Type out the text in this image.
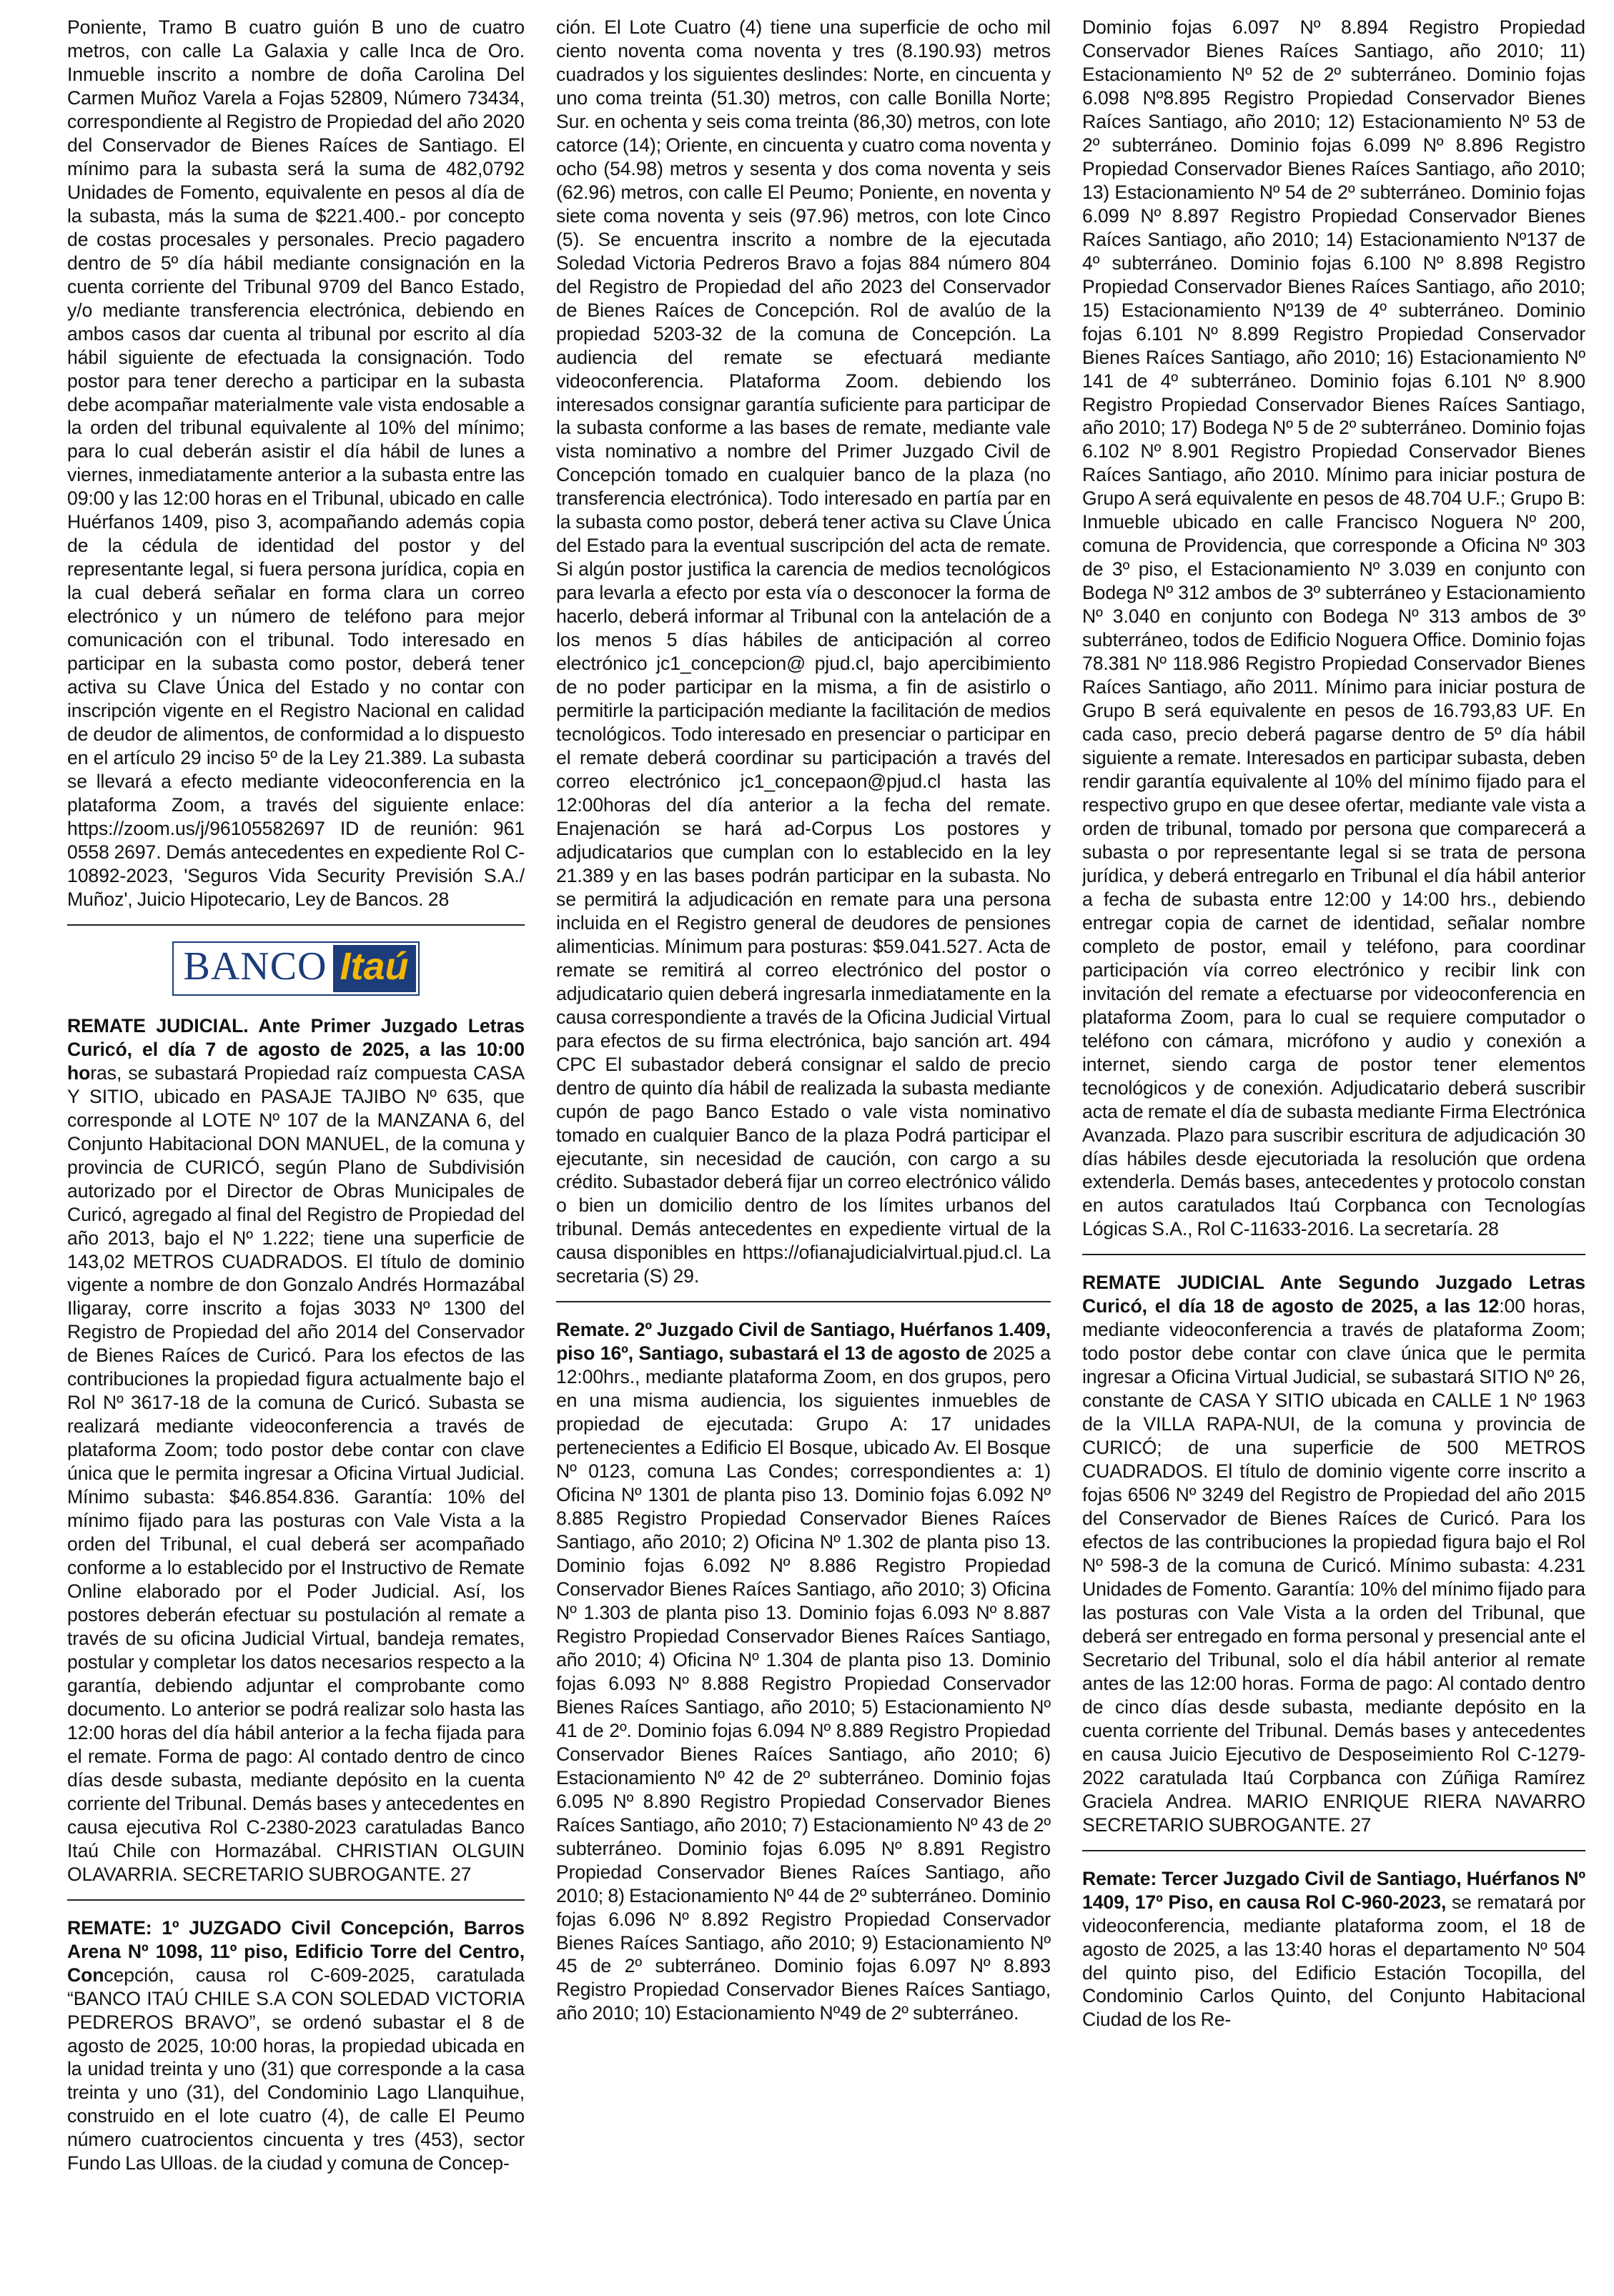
Poniente, Tramo B cuatro guión B uno de cuatro metros, con calle La Galaxia y calle Inca de Oro. Inmueble inscrito a nombre de doña Carolina Del Carmen Muñoz Varela a Fojas 52809, Número 73434, correspondiente al Registro de Propiedad del año 2020 del Conservador de Bienes Raíces de Santiago. El mínimo para la subasta será la suma de 482,0792 Unidades de Fomento, equivalente en pesos al día de la subasta, más la suma de $221.400.- por concepto de costas procesales y personales. Precio pagadero dentro de 5º día hábil mediante consignación en la cuenta corriente del Tribunal 9709 del Banco Estado, y/o mediante transferencia electrónica, debiendo en ambos casos dar cuenta al tribunal por escrito al día hábil siguiente de efectuada la consignación. Todo postor para tener derecho a participar en la subasta debe acompañar materialmente vale vista endosable a la orden del tribunal equivalente al 10% del mínimo; para lo cual deberán asistir el día hábil de lunes a viernes, inmediatamente anterior a la subasta entre las 09:00 y las 12:00 horas en el Tribunal, ubicado en calle Huérfanos 1409, piso 3, acompañando además copia de la cédula de identidad del postor y del representante legal, si fuera persona jurídica, copia en la cual deberá señalar en forma clara un correo electrónico y un número de teléfono para mejor comunicación con el tribunal. Todo interesado en participar en la subasta como postor, deberá tener activa su Clave Única del Estado y no contar con inscripción vigente en el Registro Nacional en calidad de deudor de alimentos, de conformidad a lo dispuesto en el artículo 29 inciso 5º de la Ley 21.389. La subasta se llevará a efecto mediante videoconferencia en la plataforma Zoom, a través del siguiente enlace: https://zoom.us/j/96105582697 ID de reunión: 961 0558 2697. Demás antecedentes en expediente Rol C-10892-2023, 'Seguros Vida Security Previsión S.A./ Muñoz', Juicio Hipotecario, Ley de Bancos. 28

BANCO Itaú

REMATE JUDICIAL. Ante Primer Juzgado Letras Curicó, el día 7 de agosto de 2025, a las 10:00 horas, se subastará Propiedad raíz compuesta CASA Y SITIO, ubicado en PASAJE TAJIBO Nº 635, que corresponde al LOTE Nº 107 de la MANZANA 6, del Conjunto Habitacional DON MANUEL, de la comuna y provincia de CURICÓ, según Plano de Subdivisión autorizado por el Director de Obras Municipales de Curicó, agregado al final del Registro de Propiedad del año 2013, bajo el Nº 1.222; tiene una superficie de 143,02 METROS CUADRADOS. El título de dominio vigente a nombre de don Gonzalo Andrés Hormazábal Iligaray, corre inscrito a fojas 3033 Nº 1300 del Registro de Propiedad del año 2014 del Conservador de Bienes Raíces de Curicó. Para los efectos de las contribuciones la propiedad figura actualmente bajo el Rol Nº 3617-18 de la comuna de Curicó. Subasta se realizará mediante videoconferencia a través de plataforma Zoom; todo postor debe contar con clave única que le permita ingresar a Oficina Virtual Judicial. Mínimo subasta: $46.854.836. Garantía: 10% del mínimo fijado para las posturas con Vale Vista a la orden del Tribunal, el cual deberá ser acompañado conforme a lo establecido por el Instructivo de Remate Online elaborado por el Poder Judicial. Así, los postores deberán efectuar su postulación al remate a través de su oficina Judicial Virtual, bandeja remates, postular y completar los datos necesarios respecto a la garantía, debiendo adjuntar el comprobante como documento. Lo anterior se podrá realizar solo hasta las 12:00 horas del día hábil anterior a la fecha fijada para el remate. Forma de pago: Al contado dentro de cinco días desde subasta, mediante depósito en la cuenta corriente del Tribunal. Demás bases y antecedentes en causa ejecutiva Rol C-2380-2023 caratuladas Banco Itaú Chile con Hormazábal. CHRISTIAN OLGUIN OLAVARRIA. SECRETARIO SUBROGANTE. 27

REMATE: 1º JUZGADO Civil Concepción, Barros Arena Nº 1098, 11º piso, Edificio Torre del Centro, Concepción, causa rol C-609-2025, caratulada “BANCO ITAÚ CHILE S.A CON SOLEDAD VICTORIA PEDREROS BRAVO”, se ordenó subastar el 8 de agosto de 2025, 10:00 horas, la propiedad ubicada en la unidad treinta y uno (31) que corresponde a la casa treinta y uno (31), del Condominio Lago Llanquihue, construido en el lote cuatro (4), de calle El Peumo número cuatrocientos cincuenta y tres (453), sector Fundo Las Ulloas. de la ciudad y comuna de Concep-

ción. El Lote Cuatro (4) tiene una superficie de ocho mil ciento noventa coma noventa y tres (8.190.93) metros cuadrados y los siguientes deslindes: Norte, en cincuenta y uno coma treinta (51.30) metros, con calle Bonilla Norte; Sur. en ochenta y seis coma treinta (86,30) metros, con lote catorce (14); Oriente, en cincuenta y cuatro coma noventa y ocho (54.98) metros y sesenta y dos coma noventa y seis (62.96) metros, con calle El Peumo; Poniente, en noventa y siete coma noventa y seis (97.96) metros, con lote Cinco (5). Se encuentra inscrito a nombre de la ejecutada Soledad Victoria Pedreros Bravo a fojas 884 número 804 del Registro de Propiedad del año 2023 del Conservador de Bienes Raíces de Concepción. Rol de avalúo de la propiedad 5203-32 de la comuna de Concepción. La audiencia del remate se efectuará mediante videoconferencia. Plataforma Zoom. debiendo los interesados consignar garantía suficiente para participar de la subasta conforme a las bases de remate, mediante vale vista nominativo a nombre del Primer Juzgado Civil de Concepción tomado en cualquier banco de la plaza (no transferencia electrónica). Todo interesado en partía par en la subasta como postor, deberá tener activa su Clave Única del Estado para la eventual suscripción del acta de remate. Si algún postor justifica la carencia de medios tecnológicos para levarla a efecto por esta vía o desconocer la forma de hacerlo, deberá informar al Tribunal con la antelación de a los menos 5 días hábiles de anticipación al correo electrónico jc1_concepcion@ pjud.cl, bajo apercibimiento de no poder participar en la misma, a fin de asistirlo o permitirle la participación mediante la facilitación de medios tecnológicos. Todo interesado en presenciar o participar en el remate deberá coordinar su participación a través del correo electrónico jc1_concepaon@pjud.cl hasta las 12:00horas del día anterior a la fecha del remate. Enajenación se hará ad-Corpus Los postores y adjudicatarios que cumplan con lo establecido en la ley 21.389 y en las bases podrán participar en la subasta. No se permitirá la adjudicación en remate para una persona incluida en el Registro general de deudores de pensiones alimenticias. Mínimum para posturas: $59.041.527. Acta de remate se remitirá al correo electrónico del postor o adjudicatario quien deberá ingresarla inmediatamente en la causa correspondiente a través de la Oficina Judicial Virtual para efectos de su firma electrónica, bajo sanción art. 494 CPC El subastador deberá consignar el saldo de precio dentro de quinto día hábil de realizada la subasta mediante cupón de pago Banco Estado o vale vista nominativo tomado en cualquier Banco de la plaza Podrá participar el ejecutante, sin necesidad de caución, con cargo a su crédito. Subastador deberá fijar un correo electrónico válido o bien un domicilio dentro de los límites urbanos del tribunal. Demás antecedentes en expediente virtual de la causa disponibles en https://ofianajudicialvirtual.pjud.cl. La secretaria (S) 29.

Remate. 2º Juzgado Civil de Santiago, Huérfanos 1.409, piso 16º, Santiago, subastará el 13 de agosto de 2025 a 12:00hrs., mediante plataforma Zoom, en dos grupos, pero en una misma audiencia, los siguientes inmuebles de propiedad de ejecutada: Grupo A: 17 unidades pertenecientes a Edificio El Bosque, ubicado Av. El Bosque Nº 0123, comuna Las Condes; correspondientes a: 1) Oficina Nº 1301 de planta piso 13. Dominio fojas 6.092 Nº 8.885 Registro Propiedad Conservador Bienes Raíces Santiago, año 2010; 2) Oficina Nº 1.302 de planta piso 13. Dominio fojas 6.092 Nº 8.886 Registro Propiedad Conservador Bienes Raíces Santiago, año 2010; 3) Oficina Nº 1.303 de planta piso 13. Dominio fojas 6.093 Nº 8.887 Registro Propiedad Conservador Bienes Raíces Santiago, año 2010; 4) Oficina Nº 1.304 de planta piso 13. Dominio fojas 6.093 Nº 8.888 Registro Propiedad Conservador Bienes Raíces Santiago, año 2010; 5) Estacionamiento Nº 41 de 2º. Dominio fojas 6.094 Nº 8.889 Registro Propiedad Conservador Bienes Raíces Santiago, año 2010; 6) Estacionamiento Nº 42 de 2º subterráneo. Dominio fojas 6.095 Nº 8.890 Registro Propiedad Conservador Bienes Raíces Santiago, año 2010; 7) Estacionamiento Nº 43 de 2º subterráneo. Dominio fojas 6.095 Nº 8.891 Registro Propiedad Conservador Bienes Raíces Santiago, año 2010; 8) Estacionamiento Nº 44 de 2º subterráneo. Dominio fojas 6.096 Nº 8.892 Registro Propiedad Conservador Bienes Raíces Santiago, año 2010; 9) Estacionamiento Nº 45 de 2º subterráneo. Dominio fojas 6.097 Nº 8.893 Registro Propiedad Conservador Bienes Raíces Santiago, año 2010; 10) Estacionamiento Nº49 de 2º subterráneo.

Dominio fojas 6.097 Nº 8.894 Registro Propiedad Conservador Bienes Raíces Santiago, año 2010; 11) Estacionamiento Nº 52 de 2º subterráneo. Dominio fojas 6.098 Nº8.895 Registro Propiedad Conservador Bienes Raíces Santiago, año 2010; 12) Estacionamiento Nº 53 de 2º subterráneo. Dominio fojas 6.099 Nº 8.896 Registro Propiedad Conservador Bienes Raíces Santiago, año 2010; 13) Estacionamiento Nº 54 de 2º subterráneo. Dominio fojas 6.099 Nº 8.897 Registro Propiedad Conservador Bienes Raíces Santiago, año 2010; 14) Estacionamiento Nº137 de 4º subterráneo. Dominio fojas 6.100 Nº 8.898 Registro Propiedad Conservador Bienes Raíces Santiago, año 2010; 15) Estacionamiento Nº139 de 4º subterráneo. Dominio fojas 6.101 Nº 8.899 Registro Propiedad Conservador Bienes Raíces Santiago, año 2010; 16) Estacionamiento Nº 141 de 4º subterráneo. Dominio fojas 6.101 Nº 8.900 Registro Propiedad Conservador Bienes Raíces Santiago, año 2010; 17) Bodega Nº 5 de 2º subterráneo. Dominio fojas 6.102 Nº 8.901 Registro Propiedad Conservador Bienes Raíces Santiago, año 2010. Mínimo para iniciar postura de Grupo A será equivalente en pesos de 48.704 U.F.; Grupo B: Inmueble ubicado en calle Francisco Noguera Nº 200, comuna de Providencia, que corresponde a Oficina Nº 303 de 3º piso, el Estacionamiento Nº 3.039 en conjunto con Bodega Nº 312 ambos de 3º subterráneo y Estacionamiento Nº 3.040 en conjunto con Bodega Nº 313 ambos de 3º subterráneo, todos de Edificio Noguera Office. Dominio fojas 78.381 Nº 118.986 Registro Propiedad Conservador Bienes Raíces Santiago, año 2011. Mínimo para iniciar postura de Grupo B será equivalente en pesos de 16.793,83 UF. En cada caso, precio deberá pagarse dentro de 5º día hábil siguiente a remate. Interesados en participar subasta, deben rendir garantía equivalente al 10% del mínimo fijado para el respectivo grupo en que desee ofertar, mediante vale vista a orden de tribunal, tomado por persona que comparecerá a subasta o por representante legal si se trata de persona jurídica, y deberá entregarlo en Tribunal el día hábil anterior a fecha de subasta entre 12:00 y 14:00 hrs., debiendo entregar copia de carnet de identidad, señalar nombre completo de postor, email y teléfono, para coordinar participación vía correo electrónico y recibir link con invitación del remate a efectuarse por videoconferencia en plataforma Zoom, para lo cual se requiere computador o teléfono con cámara, micrófono y audio y conexión a internet, siendo carga de postor tener elementos tecnológicos y de conexión. Adjudicatario deberá suscribir acta de remate el día de subasta mediante Firma Electrónica Avanzada. Plazo para suscribir escritura de adjudicación 30 días hábiles desde ejecutoriada la resolución que ordena extenderla. Demás bases, antecedentes y protocolo constan en autos caratulados Itaú Corpbanca con Tecnologías Lógicas S.A., Rol C-11633-2016. La secretaría. 28

REMATE JUDICIAL Ante Segundo Juzgado Letras Curicó, el día 18 de agosto de 2025, a las 12:00 horas, mediante videoconferencia a través de plataforma Zoom; todo postor debe contar con clave única que le permita ingresar a Oficina Virtual Judicial, se subastará SITIO Nº 26, constante de CASA Y SITIO ubicada en CALLE 1 Nº 1963 de la VILLA RAPA-NUI, de la comuna y provincia de CURICÓ; de una superficie de 500 METROS CUADRADOS. El título de dominio vigente corre inscrito a fojas 6506 Nº 3249 del Registro de Propiedad del año 2015 del Conservador de Bienes Raíces de Curicó. Para los efectos de las contribuciones la propiedad figura bajo el Rol Nº 598-3 de la comuna de Curicó. Mínimo subasta: 4.231 Unidades de Fomento. Garantía: 10% del mínimo fijado para las posturas con Vale Vista a la orden del Tribunal, que deberá ser entregado en forma personal y presencial ante el Secretario del Tribunal, solo el día hábil anterior al remate antes de las 12:00 horas. Forma de pago: Al contado dentro de cinco días desde subasta, mediante depósito en la cuenta corriente del Tribunal. Demás bases y antecedentes en causa Juicio Ejecutivo de Desposeimiento Rol C-1279-2022 caratulada Itaú Corpbanca con Zúñiga Ramírez Graciela Andrea. MARIO ENRIQUE RIERA NAVARRO SECRETARIO SUBROGANTE. 27

Remate: Tercer Juzgado Civil de Santiago, Huérfanos Nº 1409, 17º Piso, en causa Rol C-960-2023, se rematará por videoconferencia, mediante plataforma zoom, el 18 de agosto de 2025, a las 13:40 horas el departamento Nº 504 del quinto piso, del Edificio Estación Tocopilla, del Condominio Carlos Quinto, del Conjunto Habitacional Ciudad de los Re-
